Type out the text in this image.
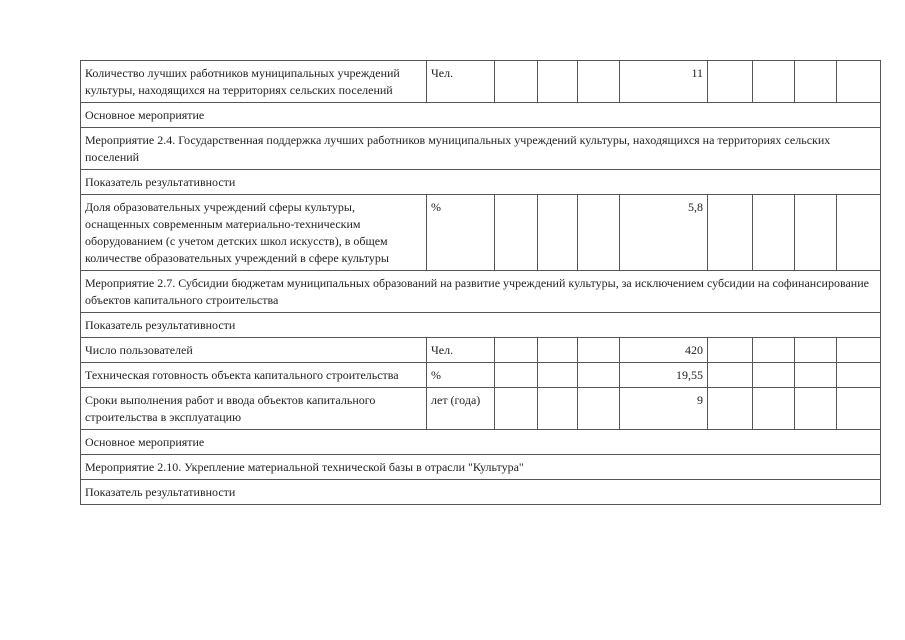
Количество лучших работников муниципальных учреждений культуры, находящихся на территориях сельских поселений	Чел.				11				
Основное мероприятие									
Мероприятие 2.4. Государственная поддержка лучших работников муниципальных учреждений культуры, находящихся на территориях сельских поселений									
Показатель результативности									
Доля образовательных учреждений сферы культуры, оснащенных современным материально-техническим оборудованием (с учетом детских школ искусств), в общем количестве образовательных учреждений в сфере культуры	%				5,8				
Мероприятие 2.7. Субсидии бюджетам муниципальных образований на развитие учреждений культуры, за исключением субсидии на софинансирование объектов капитального строительства									
Показатель результативности									
Число пользователей	Чел.				420				
Техническая готовность объекта капитального строительства	%				19,55				
Сроки выполнения работ и ввода объектов капитального строительства в эксплуатацию	лет (года)				9				
Основное мероприятие									
Мероприятие 2.10. Укрепление материальной технической базы в отрасли "Культура"									
Показатель результативности									
